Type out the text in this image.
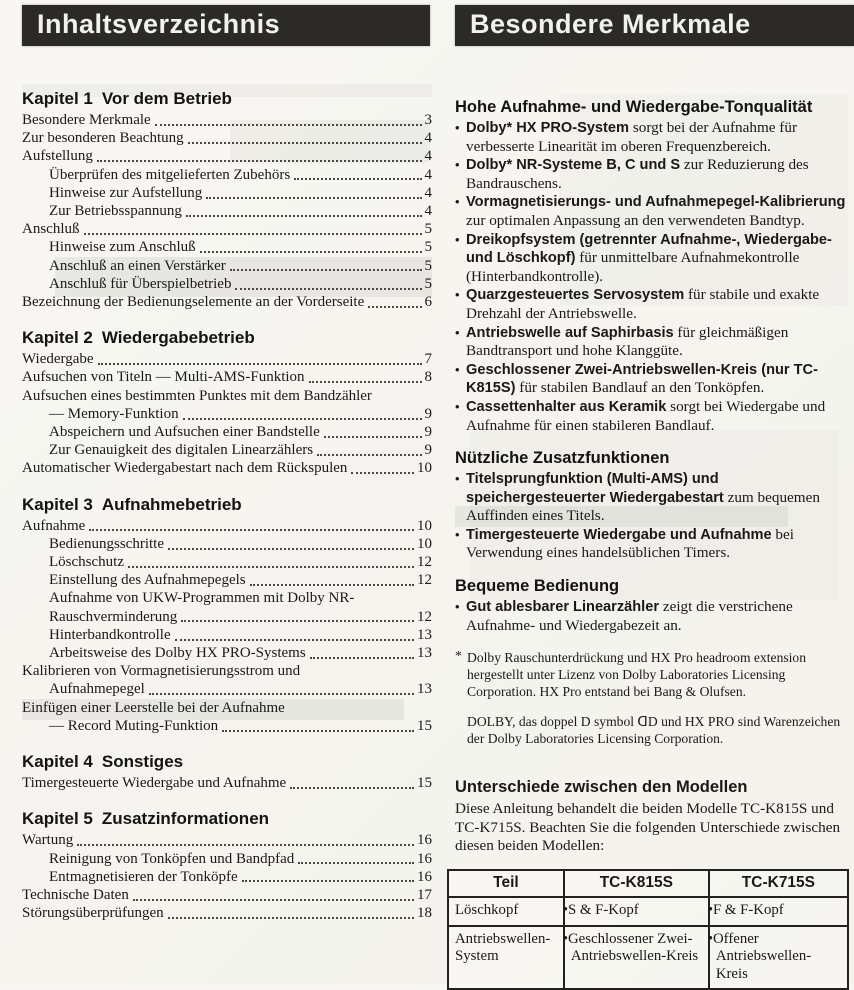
Inhaltsverzeichnis	Besondere Merkmale
Kapitel 1 Vor dem Betrieb
Besondere Merkmale	3
Zur besonderen Beachtung	4
Aufstellung	4
Überprüfen des mitgelieferten Zubehörs	4
Hinweise zur Aufstellung	4
Zur Betriebsspannung	4
Anschluß	5
Hinweise zum Anschluß	5
Anschluß an einen Verstärker	5
Anschluß für Überspielbetrieb	5
Bezeichnung der Bedienungselemente an der Vorderseite	6
Kapitel 2 Wiedergabebetrieb
Wiedergabe	7
Aufsuchen von Titeln — Multi-AMS-Funktion	8
Aufsuchen eines bestimmten Punktes mit dem Bandzähler
— Memory-Funktion	9
Abspeichern und Aufsuchen einer Bandstelle	9
Zur Genauigkeit des digitalen Linearzählers	9
Automatischer Wiedergabestart nach dem Rückspulen	10
Kapitel 3 Aufnahmebetrieb
Aufnahme	10
Bedienungsschritte	10
Löschschutz	12
Einstellung des Aufnahmepegels	12
Aufnahme von UKW-Programmen mit Dolby NR-
Rauschverminderung	12
Hinterbandkontrolle	13
Arbeitsweise des Dolby HX PRO-Systems	13
Kalibrieren von Vormagnetisierungsstrom und
Aufnahmepegel	13
Einfügen einer Leerstelle bei der Aufnahme
— Record Muting-Funktion	15
Kapitel 4 Sonstiges
Timergesteuerte Wiedergabe und Aufnahme	15
Kapitel 5 Zusatzinformationen
Wartung	16
Reinigung von Tonköpfen und Bandpfad	16
Entmagnetisieren der Tonköpfe	16
Technische Daten	17
Störungsüberprüfungen	18
Hohe Aufnahme- und Wiedergabe-Tonqualität
• Dolby* HX PRO-System sorgt bei der Aufnahme für verbesserte Linearität im oberen Frequenzbereich.
• Dolby* NR-Systeme B, C und S zur Reduzierung des Bandrauschens.
• Vormagnetisierungs- und Aufnahmepegel-Kalibrierung zur optimalen Anpassung an den verwendeten Bandtyp.
• Dreikopfsystem (getrennter Aufnahme-, Wiedergabe- und Löschkopf) für unmittelbare Aufnahmekontrolle (Hinterbandkontrolle).
• Quarzgesteuertes Servosystem für stabile und exakte Drehzahl der Antriebswelle.
• Antriebswelle auf Saphirbasis für gleichmäßigen Bandtransport und hohe Klanggüte.
• Geschlossener Zwei-Antriebswellen-Kreis (nur TC-K815S) für stabilen Bandlauf an den Tonköpfen.
• Cassettenhalter aus Keramik sorgt bei Wiedergabe und Aufnahme für einen stabileren Bandlauf.
Nützliche Zusatzfunktionen
• Titelsprungfunktion (Multi-AMS) und speichergesteuerter Wiedergabestart zum bequemen Auffinden eines Titels.
• Timergesteuerte Wiedergabe und Aufnahme bei Verwendung eines handelsüblichen Timers.
Bequeme Bedienung
• Gut ablesbarer Linearzähler zeigt die verstrichene Aufnahme- und Wiedergabezeit an.
* Dolby Rauschunterdrückung und HX Pro headroom extension hergestellt unter Lizenz von Dolby Laboratories Licensing Corporation. HX Pro entstand bei Bang & Olufsen.
DOLBY, das doppel D symbol ᗡD und HX PRO sind Warenzeichen der Dolby Laboratories Licensing Corporation.
Unterschiede zwischen den Modellen
Diese Anleitung behandelt die beiden Modelle TC-K815S und TC-K715S. Beachten Sie die folgenden Unterschiede zwischen diesen beiden Modellen:
Teil	TC-K815S	TC-K715S
Löschkopf	•S & F-Kopf	•F & F-Kopf
Antriebswellen-System	•Geschlossener Zwei-Antriebswellen-Kreis	•Offener Antriebswellen-Kreis
